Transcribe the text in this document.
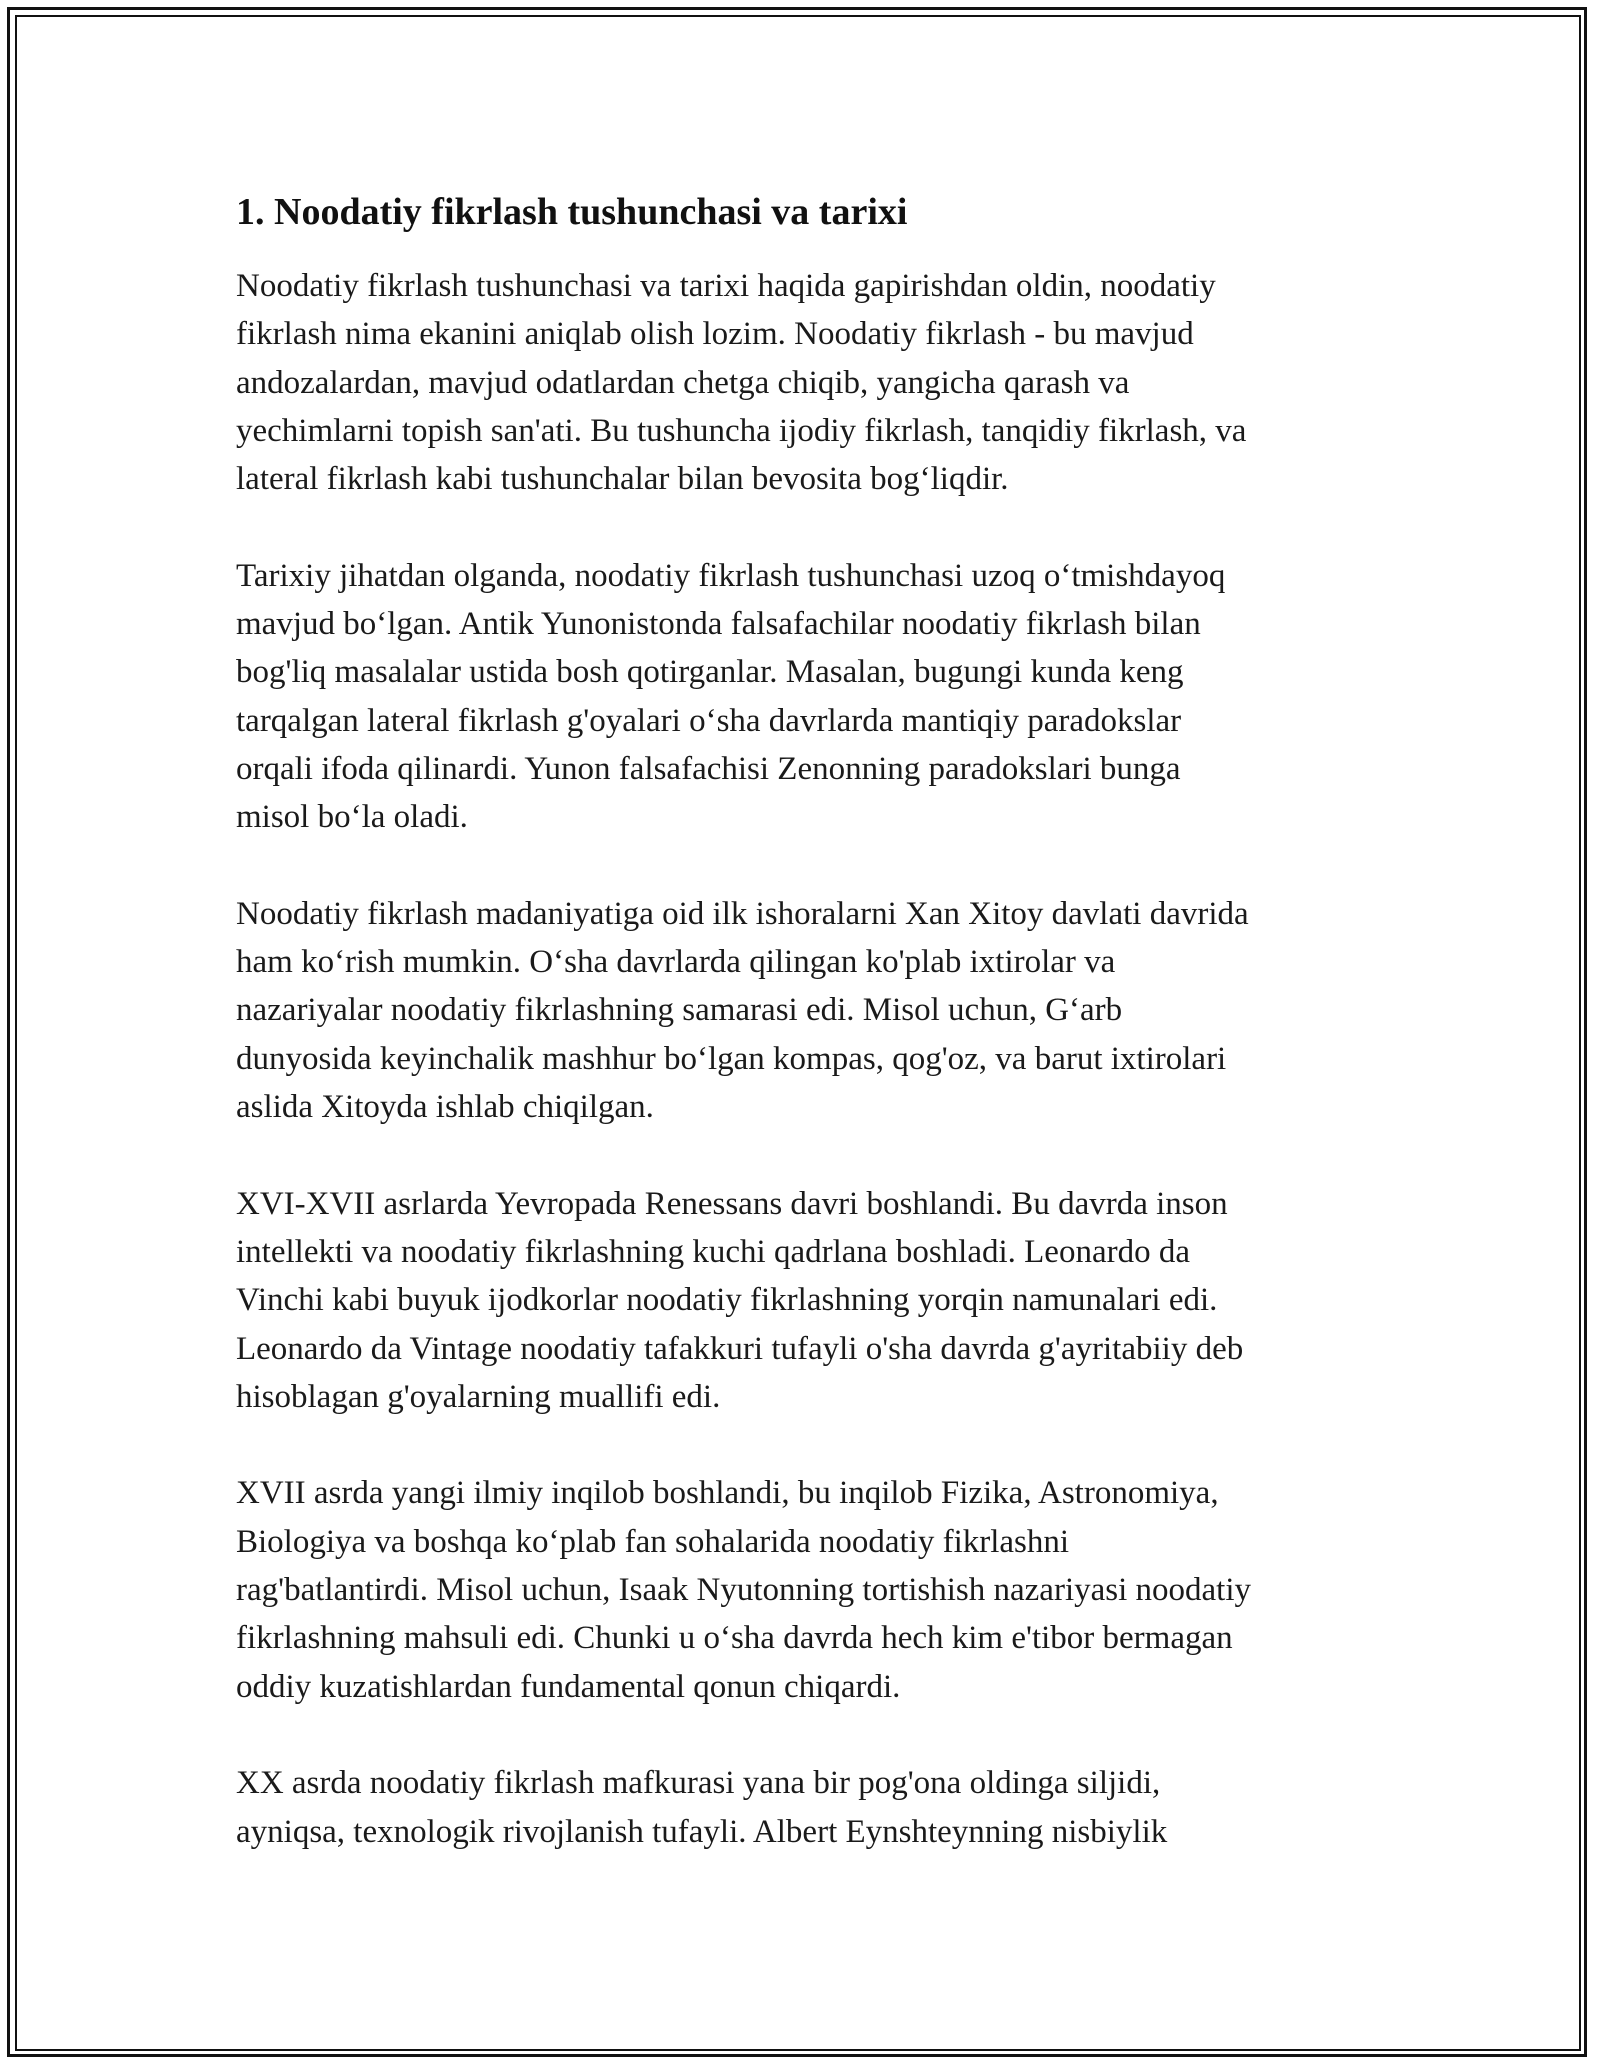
1. Noodatiy fikrlash tushunchasi va tarixi

Noodatiy fikrlash tushunchasi va tarixi haqida gapirishdan oldin, noodatiy
fikrlash nima ekanini aniqlab olish lozim. Noodatiy fikrlash - bu mavjud
andozalardan, mavjud odatlardan chetga chiqib, yangicha qarash va
yechimlarni topish san'ati. Bu tushuncha ijodiy fikrlash, tanqidiy fikrlash, va
lateral fikrlash kabi tushunchalar bilan bevosita bog‘liqdir.

Tarixiy jihatdan olganda, noodatiy fikrlash tushunchasi uzoq o‘tmishdayoq
mavjud bo‘lgan. Antik Yunonistonda falsafachilar noodatiy fikrlash bilan
bog'liq masalalar ustida bosh qotirganlar. Masalan, bugungi kunda keng
tarqalgan lateral fikrlash g'oyalari o‘sha davrlarda mantiqiy paradokslar
orqali ifoda qilinardi. Yunon falsafachisi Zenonning paradokslari bunga
misol bo‘la oladi.

Noodatiy fikrlash madaniyatiga oid ilk ishoralarni Xan Xitoy davlati davrida
ham ko‘rish mumkin. O‘sha davrlarda qilingan ko'plab ixtirolar va
nazariyalar noodatiy fikrlashning samarasi edi. Misol uchun, G‘arb
dunyosida keyinchalik mashhur bo‘lgan kompas, qog'oz, va barut ixtirolari
aslida Xitoyda ishlab chiqilgan.

XVI-XVII asrlarda Yevropada Renessans davri boshlandi. Bu davrda inson
intellekti va noodatiy fikrlashning kuchi qadrlana boshladi. Leonardo da
Vinchi kabi buyuk ijodkorlar noodatiy fikrlashning yorqin namunalari edi.
Leonardo da Vintage noodatiy tafakkuri tufayli o'sha davrda g'ayritabiiy deb
hisoblagan g'oyalarning muallifi edi.

XVII asrda yangi ilmiy inqilob boshlandi, bu inqilob Fizika, Astronomiya,
Biologiya va boshqa ko‘plab fan sohalarida noodatiy fikrlashni
rag'batlantirdi. Misol uchun, Isaak Nyutonning tortishish nazariyasi noodatiy
fikrlashning mahsuli edi. Chunki u o‘sha davrda hech kim e'tibor bermagan
oddiy kuzatishlardan fundamental qonun chiqardi.

XX asrda noodatiy fikrlash mafkurasi yana bir pog'ona oldinga siljidi,
ayniqsa, texnologik rivojlanish tufayli. Albert Eynshteynning nisbiylik
